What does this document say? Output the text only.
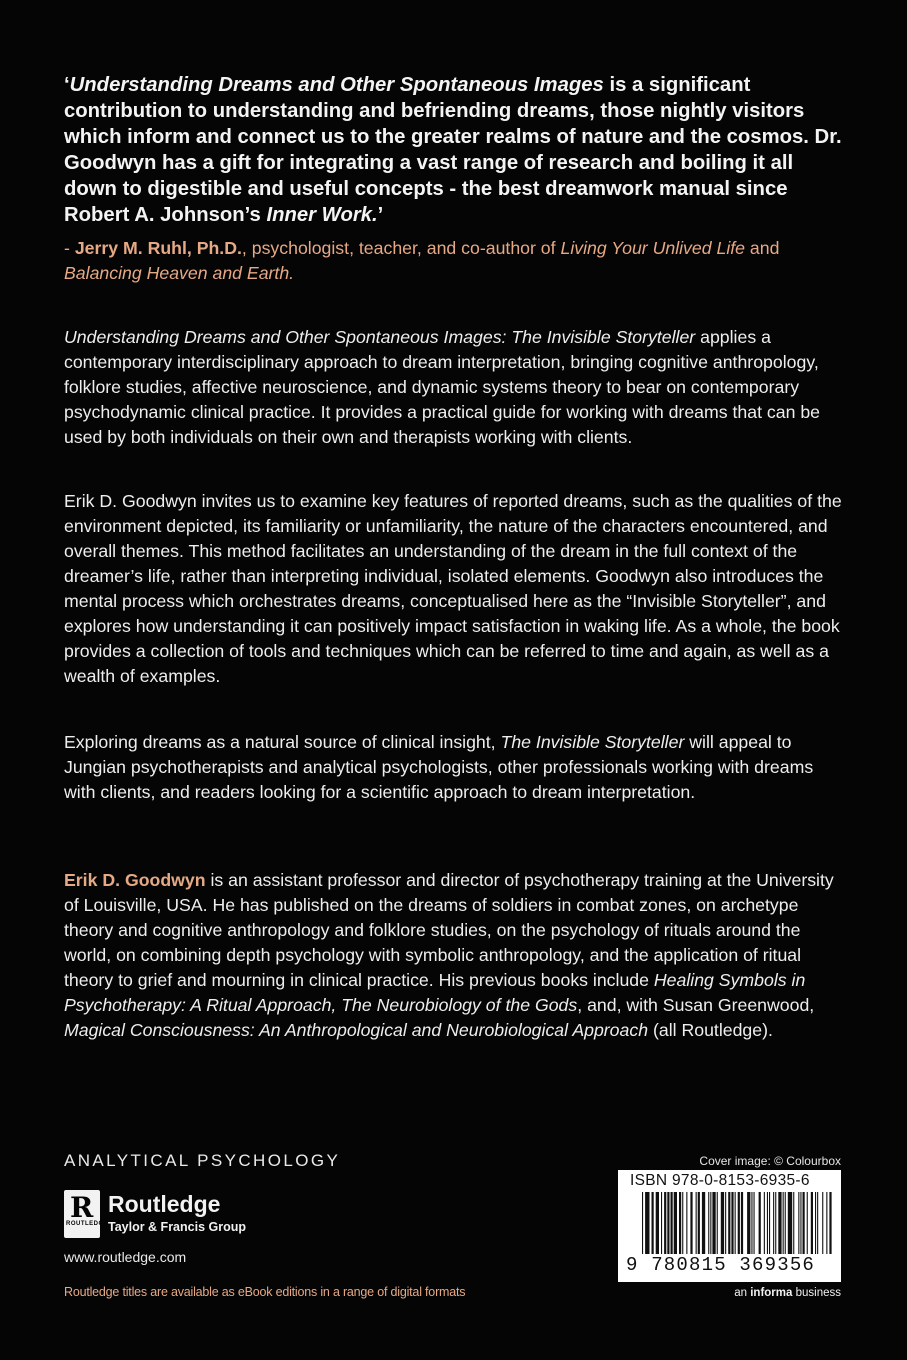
‘Understanding Dreams and Other Spontaneous Images is a significant contribution to understanding and befriending dreams, those nightly visitors which inform and connect us to the greater realms of nature and the cosmos. Dr. Goodwyn has a gift for integrating a vast range of research and boiling it all down to digestible and useful concepts - the best dreamwork manual since Robert A. Johnson’s Inner Work.’
- Jerry M. Ruhl, Ph.D., psychologist, teacher, and co-author of Living Your Unlived Life and Balancing Heaven and Earth.

Understanding Dreams and Other Spontaneous Images: The Invisible Storyteller applies a contemporary interdisciplinary approach to dream interpretation, bringing cognitive anthropology, folklore studies, affective neuroscience, and dynamic systems theory to bear on contemporary psychodynamic clinical practice. It provides a practical guide for working with dreams that can be used by both individuals on their own and therapists working with clients.

Erik D. Goodwyn invites us to examine key features of reported dreams, such as the qualities of the environment depicted, its familiarity or unfamiliarity, the nature of the characters encountered, and overall themes. This method facilitates an understanding of the dream in the full context of the dreamer’s life, rather than interpreting individual, isolated elements. Goodwyn also introduces the mental process which orchestrates dreams, conceptualised here as the “Invisible Storyteller”, and explores how understanding it can positively impact satisfaction in waking life. As a whole, the book provides a collection of tools and techniques which can be referred to time and again, as well as a wealth of examples.

Exploring dreams as a natural source of clinical insight, The Invisible Storyteller will appeal to Jungian psychotherapists and analytical psychologists, other professionals working with dreams with clients, and readers looking for a scientific approach to dream interpretation.

Erik D. Goodwyn is an assistant professor and director of psychotherapy training at the University of Louisville, USA. He has published on the dreams of soldiers in combat zones, on archetype theory and cognitive anthropology and folklore studies, on the psychology of rituals around the world, on combining depth psychology with symbolic anthropology, and the application of ritual theory to grief and mourning in clinical practice. His previous books include Healing Symbols in Psychotherapy: A Ritual Approach, The Neurobiology of the Gods, and, with Susan Greenwood, Magical Consciousness: An Anthropological and Neurobiological Approach (all Routledge).

ANALYTICAL PSYCHOLOGY
R
ROUTLEDGE
Routledge
Taylor & Francis Group
www.routledge.com
Routledge titles are available as eBook editions in a range of digital formats
Cover image: © Colourbox
ISBN 978-0-8153-6935-6
9 780815 369356
an informa business
